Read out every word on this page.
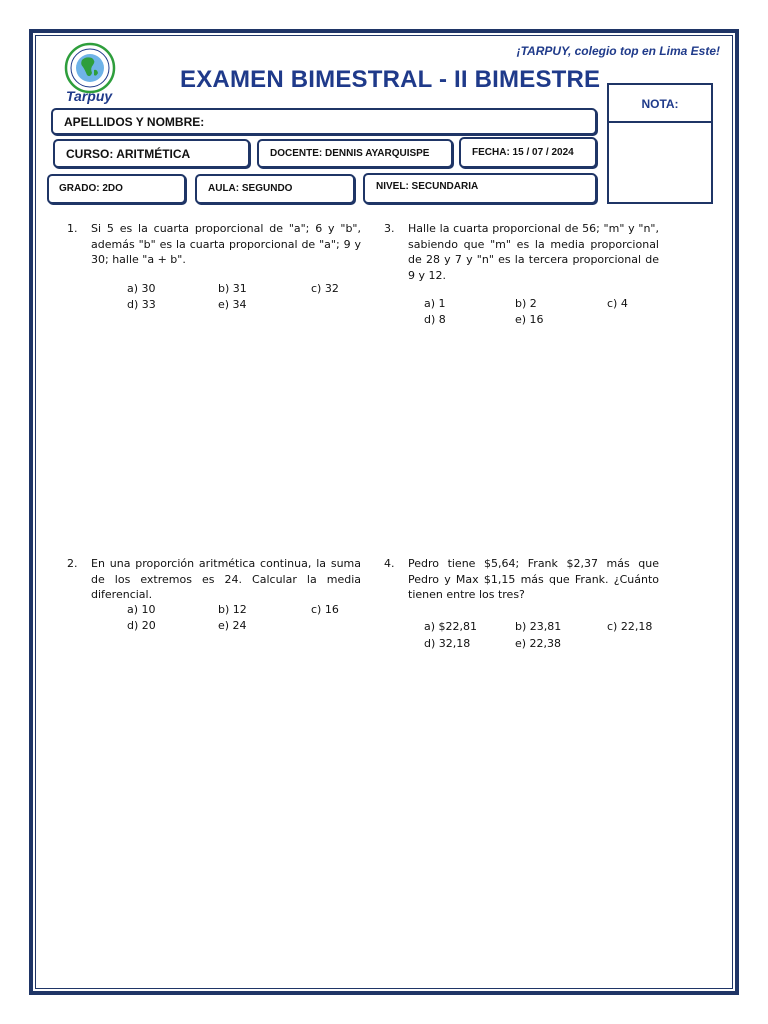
¡TARPUY, colegio top en Lima Este!
Tarpuy
EXAMEN BIMESTRAL - II BIMESTRE
APELLIDOS Y NOMBRE:
CURSO: ARITMÉTICA	DOCENTE: DENNIS AYARQUISPE	FECHA: 15 / 07 / 2024
GRADO: 2DO	AULA: SEGUNDO	NIVEL: SECUNDARIA
NOTA:
1. Si 5 es la cuarta proporcional de "a"; 6 y "b", además "b" es la cuarta proporcional de "a"; 9 y 30; halle "a + b".
a) 30	b) 31	c) 32
d) 33	e) 34
3. Halle la cuarta proporcional de 56; "m" y "n", sabiendo que "m" es la media proporcional de 28 y 7 y "n" es la tercera proporcional de 9 y 12.
a) 1	b) 2	c) 4
d) 8	e) 16
2. En una proporción aritmética continua, la suma de los extremos es 24. Calcular la media diferencial.
a) 10	b) 12	c) 16
d) 20	e) 24
4. Pedro tiene $5,64; Frank $2,37 más que Pedro y Max $1,15 más que Frank. ¿Cuánto tienen entre los tres?
a) $22,81	b) 23,81	c) 22,18
d) 32,18	e) 22,38
